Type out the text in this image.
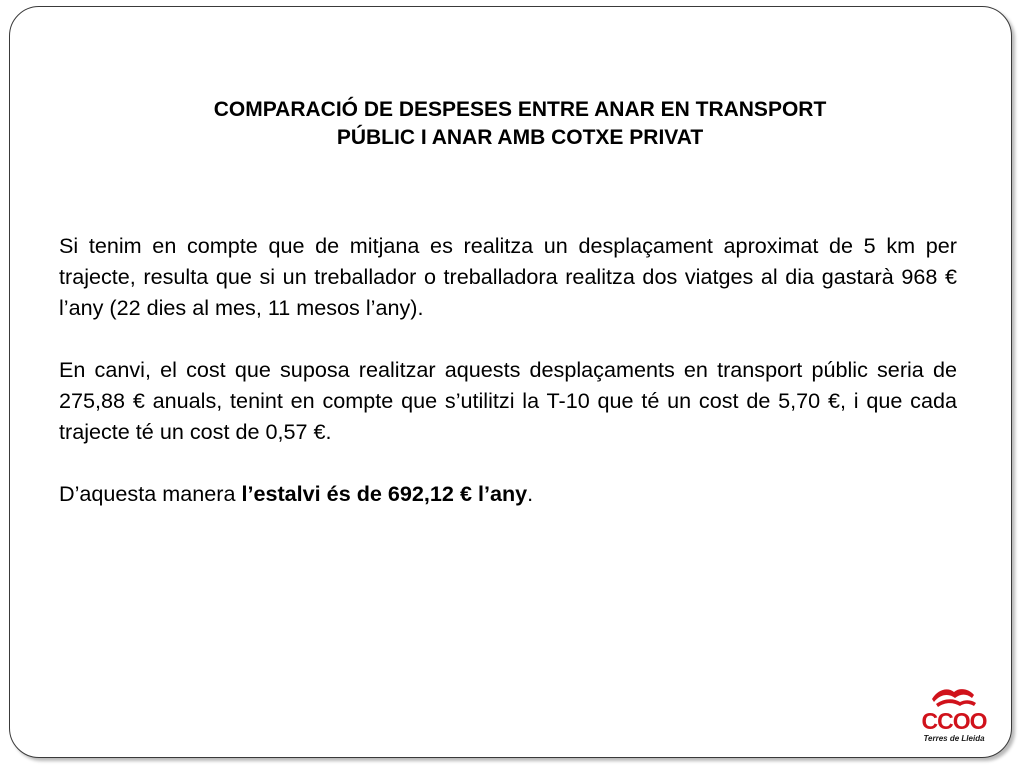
COMPARACIÓ DE DESPESES ENTRE ANAR EN TRANSPORT
PÚBLIC I ANAR AMB COTXE PRIVAT

Si tenim en compte que de mitjana es realitza un desplaçament aproximat de 5 km per trajecte, resulta que si un treballador o treballadora realitza dos viatges al dia gastarà 968 € l’any (22 dies al mes, 11 mesos l’any).

En canvi, el cost que suposa realitzar aquests desplaçaments en transport públic seria de 275,88 € anuals, tenint en compte que s’utilitzi la T-10 que té un cost de 5,70 €, i que cada trajecte té un cost de 0,57 €.

D’aquesta manera l’estalvi és de 692,12 € l’any.

CCOO
Terres de Lleida
